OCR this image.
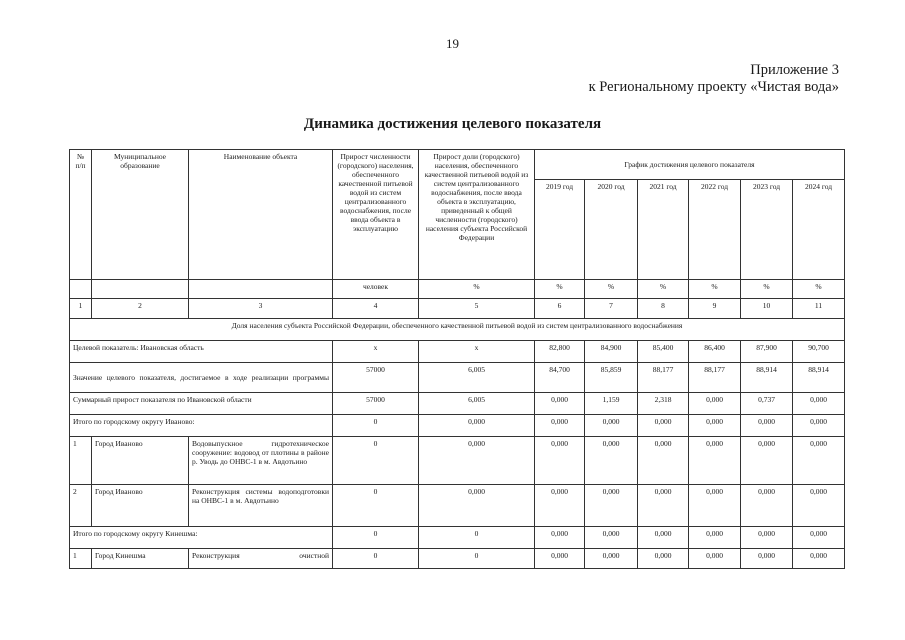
19
Приложение 3
к Региональному проекту «Чистая вода»
Динамика достижения целевого показателя
№ п/п	Муниципальное образование	Наименование объекта	Прирост численности (городского) населения, обеспеченного качественной питьевой водой из систем централизованного водоснабжения, после ввода объекта в эксплуатацию	Прирост доли (городского) населения, обеспеченного качественной питьевой водой из систем централизованного водоснабжения, после ввода объекта в эксплуатацию, приведенный к общей численности (городского) населения субъекта Российской Федерации	График достижения целевого показателя					
					2019 год	2020 год	2021 год	2022 год	2023 год	2024 год
			человек	%	%	%	%	%	%	%
1	2	3	4	5	6	7	8	9	10	11
Доля населения субъекта Российской Федерации, обеспеченного качественной питьевой водой из систем централизованного водоснабжения										
Целевой показатель: Ивановская область			х	х	82,800	84,900	85,400	86,400	87,900	90,700
Значение целевого показателя, достигаемое в ходе реализации программы			57000	6,005	84,700	85,859	88,177	88,177	88,914	88,914
Суммарный прирост показателя по Ивановской области			57000	6,005	0,000	1,159	2,318	0,000	0,737	0,000
Итого по городскому округу Иваново:			0	0,000	0,000	0,000	0,000	0,000	0,000	0,000
1	Город Иваново	Водовыпускное гидротехническое сооружение: водовод от плотины в районе р. Уводь до ОНВС-1 в м. Авдотьино	0	0,000	0,000	0,000	0,000	0,000	0,000	0,000
2	Город Иваново	Реконструкция системы водоподготовки на ОНВС-1 в м. Авдотьино	0	0,000	0,000	0,000	0,000	0,000	0,000	0,000
Итого по городскому округу Кинешма:			0	0	0,000	0,000	0,000	0,000	0,000	0,000
1	Город Кинешма	Реконструкция очистной	0	0	0,000	0,000	0,000	0,000	0,000	0,000
